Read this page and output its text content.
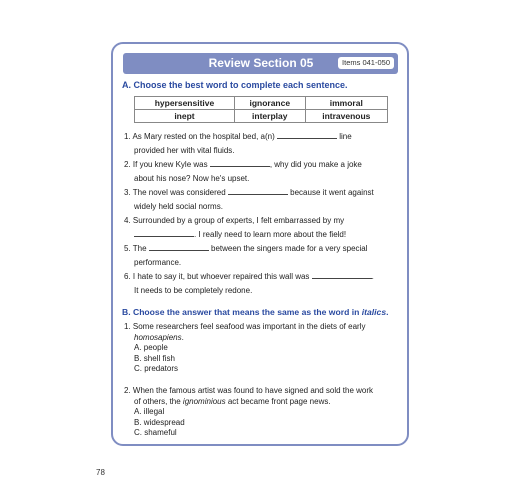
Review Section 05	Items 041-050
A. Choose the best word to complete each sentence.
hypersensitive	ignorance	immoral
inept	interplay	intravenous
1. As Mary rested on the hospital bed, a(n)	line
provided her with vital fluids.
2. If you knew Kyle was	, why did you make a joke
about his nose? Now he's upset.
3. The novel was considered	because it went against
widely held social norms.
4. Surrounded by a group of experts, I felt embarrassed by my
. I really need to learn more about the field!
5. The	between the singers made for a very special
performance.
6. I hate to say it, but whoever repaired this wall was	.
It needs to be completely redone.
B. Choose the answer that means the same as the word in italics.
1. Some researchers feel seafood was important in the diets of early
homosapiens.
A. people
B. shell fish
C. predators
2. When the famous artist was found to have signed and sold the work
of others, the ignominious act became front page news.
A. illegal
B. widespread
C. shameful
78
